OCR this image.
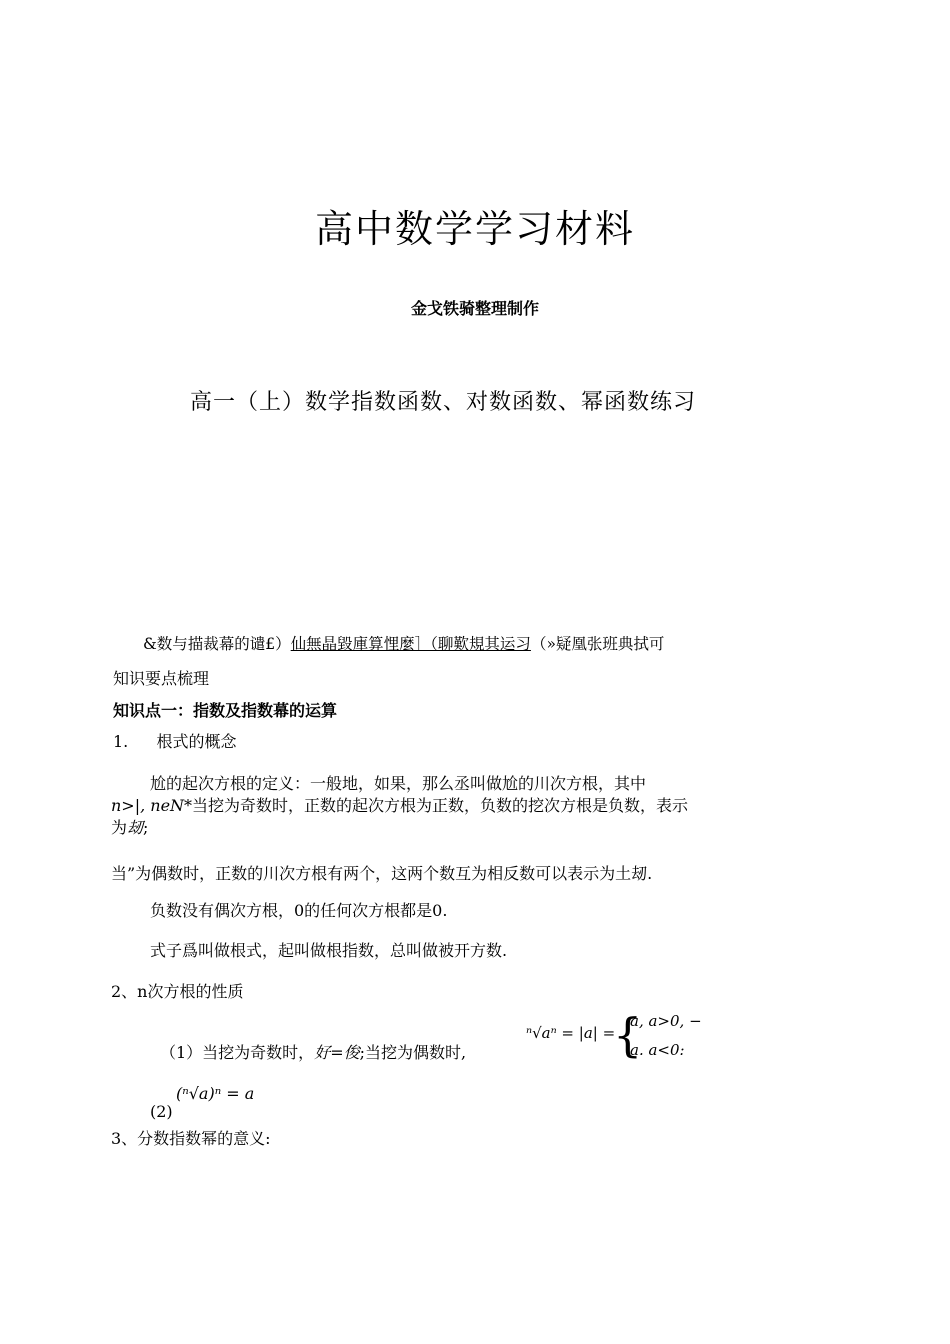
高中数学学习材料
金戈铁骑整理制作
高一（上）数学指数函数、对数函数、幂函数练习
&数与描裁幕的谴£）仙無晶毀庫算悝麼］（聊歎規其运习（»疑凰张班典拭可
知识要点梳理
知识点一：指数及指数幕的运算
1. 根式的概念
尬的起次方根的定义：一般地，如果，那么丞叫做尬的川次方根，其中
n>|, neN*当挖为奇数时，正数的起次方根为正数，负数的挖次方根是负数，表示
为刼;
当”为偶数时，正数的川次方根有两个，这两个数互为相反数可以表示为土刼.
负数没有偶次方根，0的任何次方根都是0.
式子爲叫做根式，起叫做根指数，总叫做被开方数.
2、n次方根的性质
（1）当挖为奇数时，好=俊;当挖为偶数时,
ⁿ√aⁿ = |a| =
{
a, a>0, −
a. a<0:
(2)
(ⁿ√a)ⁿ = a
3、分数指数幂的意义:
